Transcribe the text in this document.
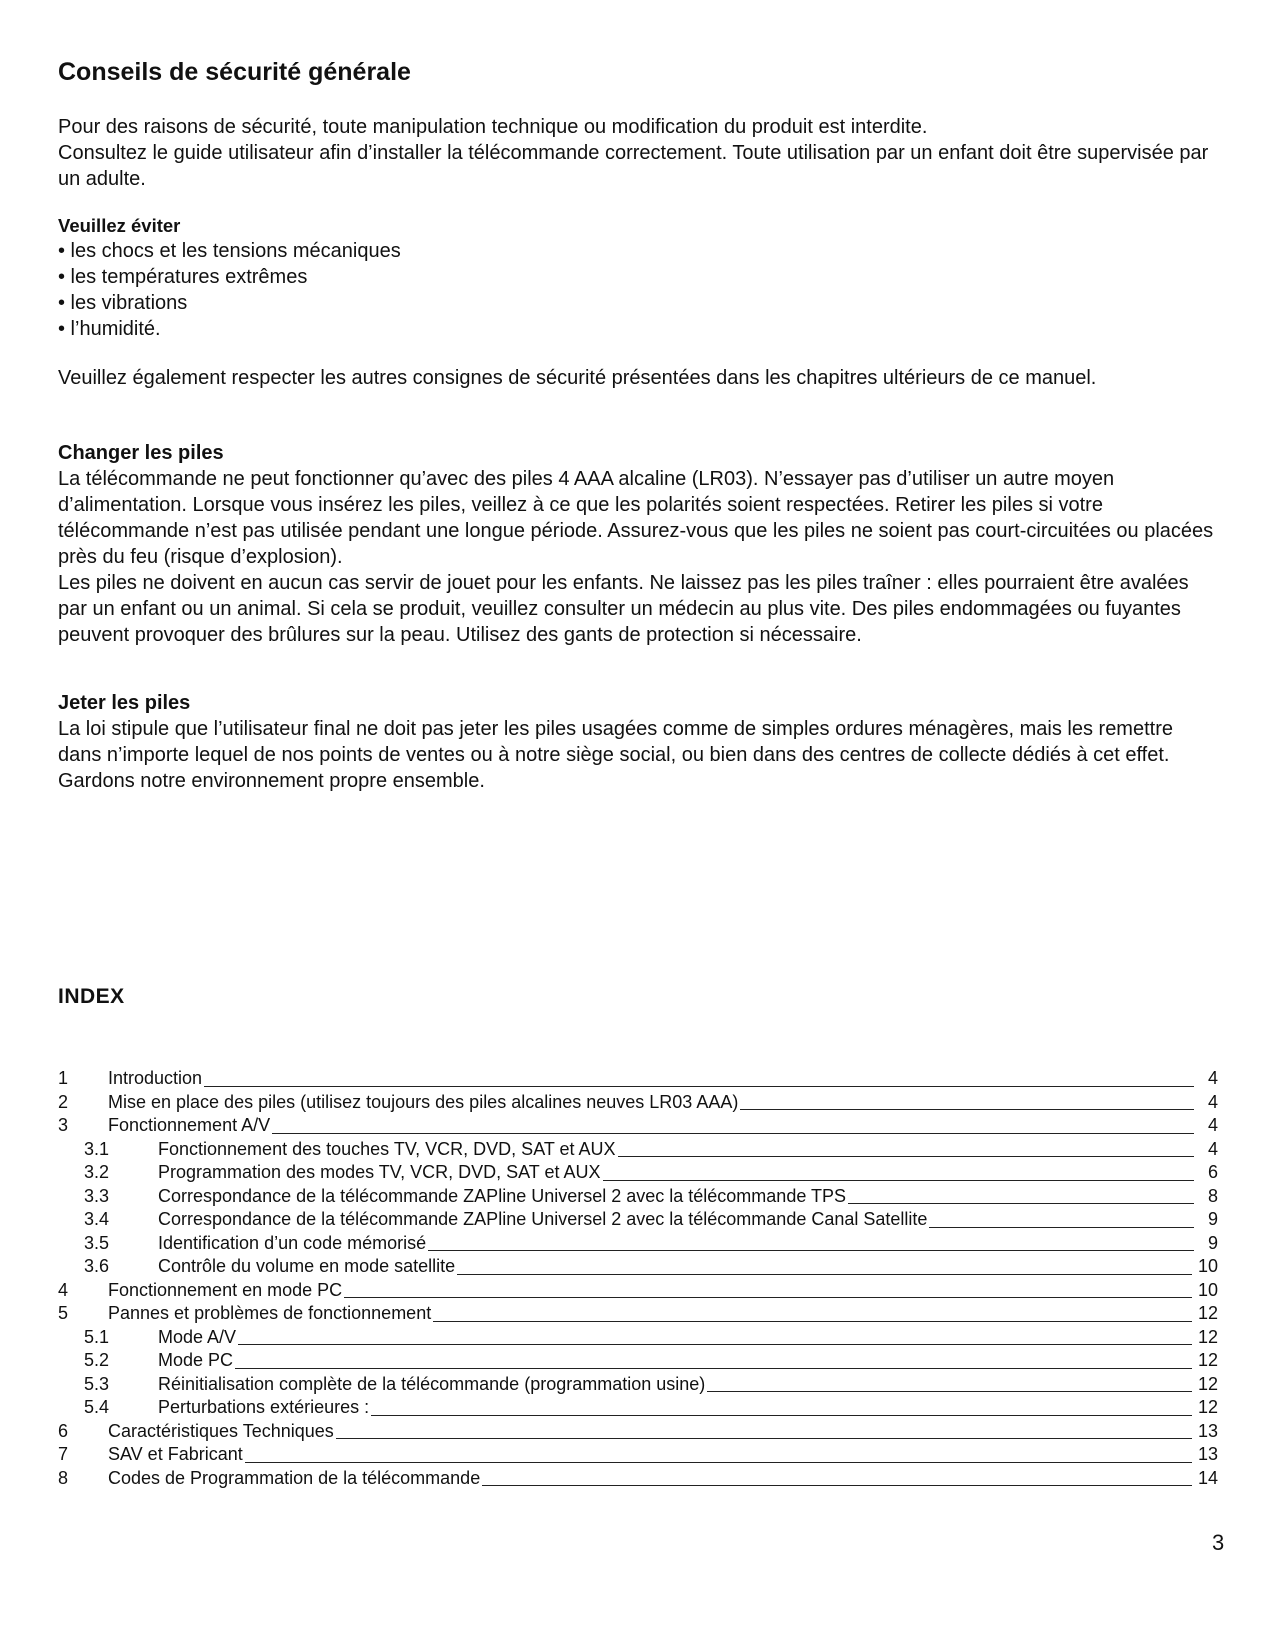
Conseils de sécurité générale

Pour des raisons de sécurité, toute manipulation technique ou modification du produit est interdite.

Consultez le guide utilisateur afin d’installer la télécommande correctement. Toute utilisation par un enfant doit être supervisée par un adulte.

Veuillez éviter

• les chocs et les tensions mécaniques

• les températures extrêmes

• les vibrations

• l’humidité.

Veuillez également respecter les autres consignes de sécurité présentées dans les chapitres ultérieurs de ce manuel.

Changer les piles

La télécommande ne peut fonctionner qu’avec des piles 4 AAA alcaline (LR03). N’essayer pas d’utiliser un autre moyen d’alimentation. Lorsque vous insérez les piles, veillez à ce que les polarités soient respectées. Retirer les piles si votre télécommande n’est pas utilisée pendant une longue période. Assurez-vous que les piles ne soient pas court-circuitées ou placées près du feu (risque d’explosion).

Les piles ne doivent en aucun cas servir de jouet pour les enfants. Ne laissez pas les piles traîner : elles pourraient être avalées par un enfant ou un animal. Si cela se produit, veuillez consulter un médecin au plus vite. Des piles endommagées ou fuyantes peuvent provoquer des brûlures sur la peau. Utilisez des gants de protection si nécessaire.

Jeter les piles

La loi stipule que l’utilisateur final ne doit pas jeter les piles usagées comme de simples ordures ménagères, mais les remettre dans n’importe lequel de nos points de ventes ou à notre siège social, ou bien dans des centres de collecte dédiés à cet effet. Gardons notre environnement propre ensemble.

INDEX
1	Introduction	4
2	Mise en place des piles (utilisez toujours des piles alcalines neuves LR03 AAA)	4
3	Fonctionnement A/V	4
3.1	Fonctionnement des touches TV, VCR, DVD, SAT et AUX	4
3.2	Programmation des modes TV, VCR, DVD, SAT et AUX	6
3.3	Correspondance de la télécommande ZAPline Universel 2 avec la télécommande TPS	8
3.4	Correspondance de la télécommande ZAPline Universel 2 avec la télécommande Canal Satellite	9
3.5	Identification d’un code mémorisé	9
3.6	Contrôle du volume en mode satellite	10
4	Fonctionnement en mode PC	10
5	Pannes et problèmes de fonctionnement	12
5.1	Mode A/V	12
5.2	Mode PC	12
5.3	Réinitialisation complète de la télécommande (programmation usine)	12
5.4	Perturbations extérieures :	12
6	Caractéristiques Techniques	13
7	SAV et Fabricant	13
8	Codes de Programmation de la télécommande	14
3
